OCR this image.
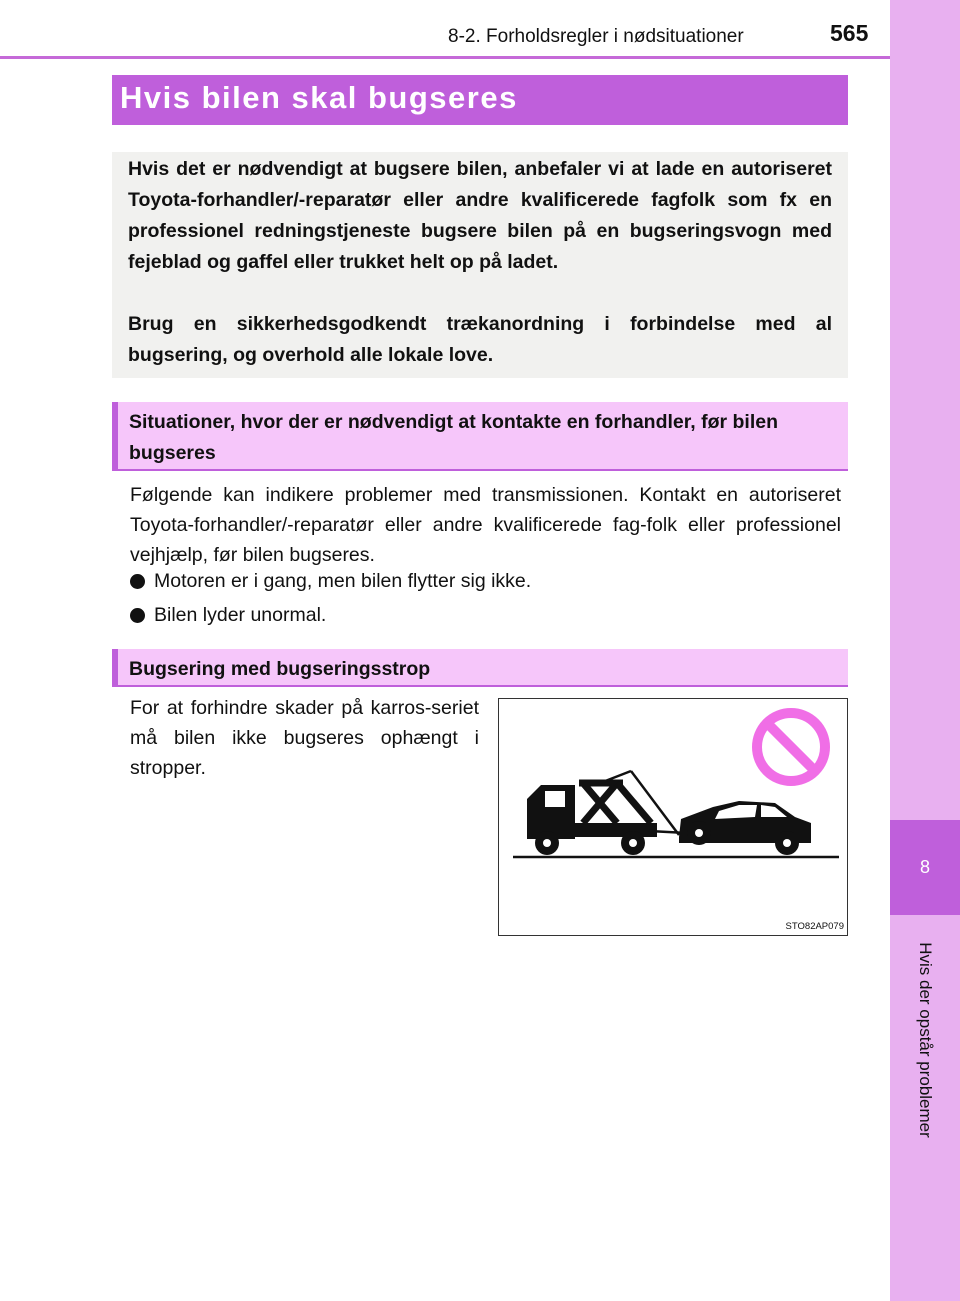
8-2. Forholdsregler i nødsituationer	565
8
Hvis der opstår problemer
Hvis bilen skal bugseres

Hvis det er nødvendigt at bugsere bilen, anbefaler vi at lade en autoriseret Toyota-forhandler/-reparatør eller andre kvalificerede fagfolk som fx en professionel redningstjeneste bugsere bilen på en bugseringsvogn med fejeblad og gaffel eller trukket helt op på ladet.

Brug en sikkerhedsgodkendt trækanordning i forbindelse med al bugsering, og overhold alle lokale love.

Situationer, hvor der er nødvendigt at kontakte en forhandler, før bilen bugseres

Følgende kan indikere problemer med transmissionen. Kontakt en autoriseret Toyota-forhandler/-reparatør eller andre kvalificerede fag-folk eller professionel vejhjælp, før bilen bugseres.

Motoren er i gang, men bilen flytter sig ikke.
Bilen lyder unormal.
Bugsering med bugseringsstrop

For at forhindre skader på karros-seriet må bilen ikke bugseres ophængt i stropper.

STO82AP079
